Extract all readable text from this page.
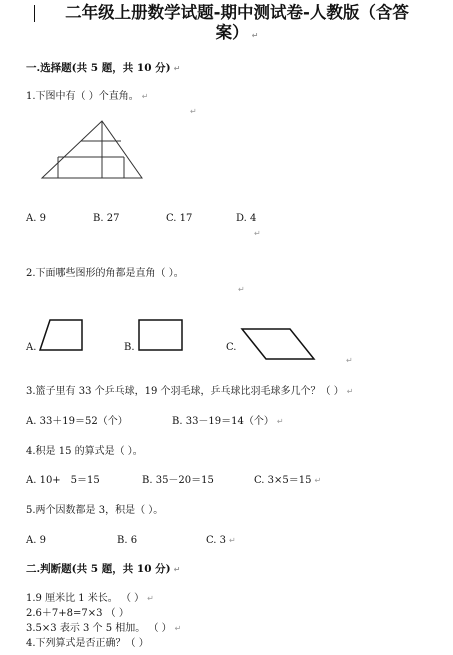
二年级上册数学试题-期中测试卷-人教版（含答
案） ↵
一.选择题(共 5 题，共 10 分) ↵
1.下图中有（ ）个直角。 ↵
↵
A. 9	B. 27	C. 17	D. 4
↵
2.下面哪些图形的角都是直角（ ）。
↵
A.	B.	C.
↵
3.篮子里有 33 个乒乓球，19 个羽毛球，乒乓球比羽毛球多几个？（ ） ↵
A. 33＋19＝52（个）	B. 33－19＝14（个） ↵
4.积是 15 的算式是（ ）。
A. 10+　5＝15	B. 35－20＝15	C. 3×5＝15 ↵
5.两个因数都是 3，积是（ ）。
A. 9	B. 6	C. 3 ↵
二.判断题(共 5 题，共 10 分) ↵
1.9 厘米比 1 米长。 （ ） ↵
2.6＋7+8=7×3 （ ）
3.5×3 表示 3 个 5 相加。 （ ） ↵
4.下列算式是否正确？（ ）
